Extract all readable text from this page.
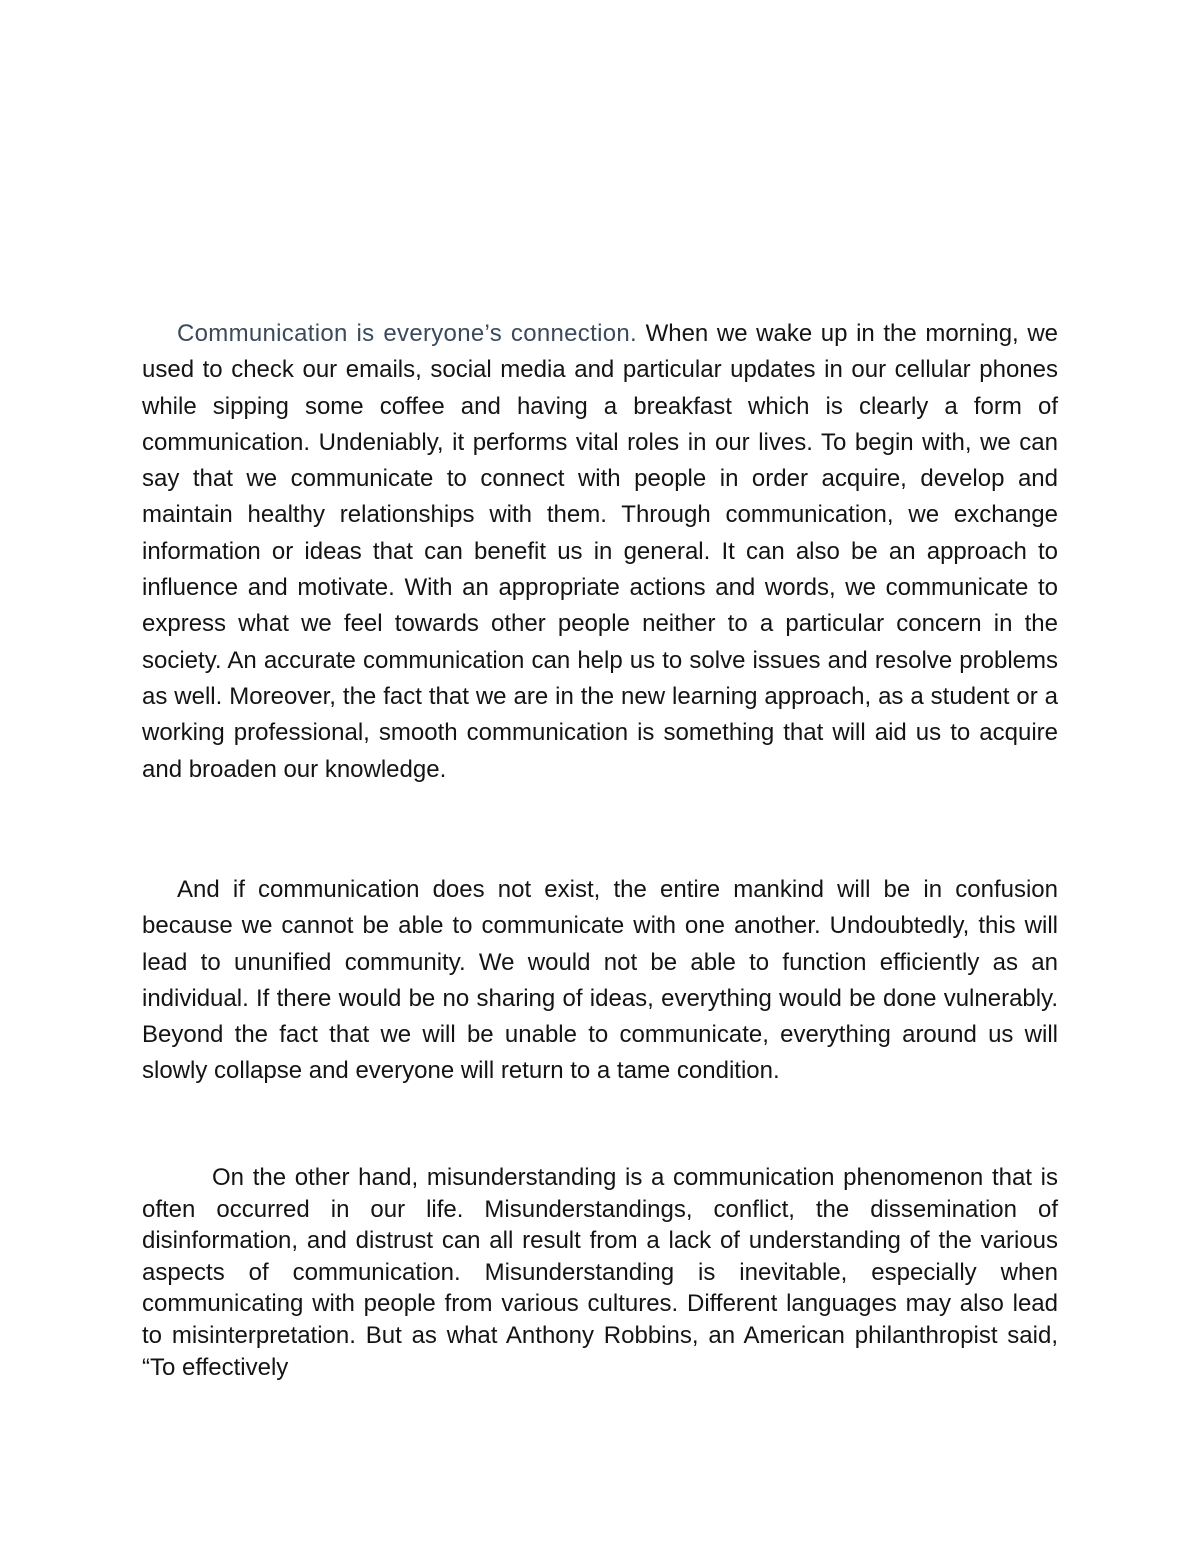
Communication is everyone’s connection. When we wake up in the morning, we used to check our emails, social media and particular updates in our cellular phones while sipping some coffee and having a breakfast which is clearly a form of communication. Undeniably, it performs vital roles in our lives. To begin with, we can say that we communicate to connect with people in order acquire, develop and maintain healthy relationships with them. Through communication, we exchange information or ideas that can benefit us in general. It can also be an approach to influence and motivate. With an appropriate actions and words, we communicate to express what we feel towards other people neither to a particular concern in the society. An accurate communication can help us to solve issues and resolve problems as well. Moreover, the fact that we are in the new learning approach, as a student or a working professional, smooth communication is something that will aid us to acquire and broaden our knowledge.

And if communication does not exist, the entire mankind will be in confusion because we cannot be able to communicate with one another. Undoubtedly, this will lead to ununified community. We would not be able to function efficiently as an individual. If there would be no sharing of ideas, everything would be done vulnerably. Beyond the fact that we will be unable to communicate, everything around us will slowly collapse and everyone will return to a tame condition.

On the other hand, misunderstanding is a communication phenomenon that is often occurred in our life. Misunderstandings, conflict, the dissemination of disinformation, and distrust can all result from a lack of understanding of the various aspects of communication. Misunderstanding is inevitable, especially when communicating with people from various cultures. Different languages may also lead to misinterpretation. But as what Anthony Robbins, an American philanthropist said, “To effectively
